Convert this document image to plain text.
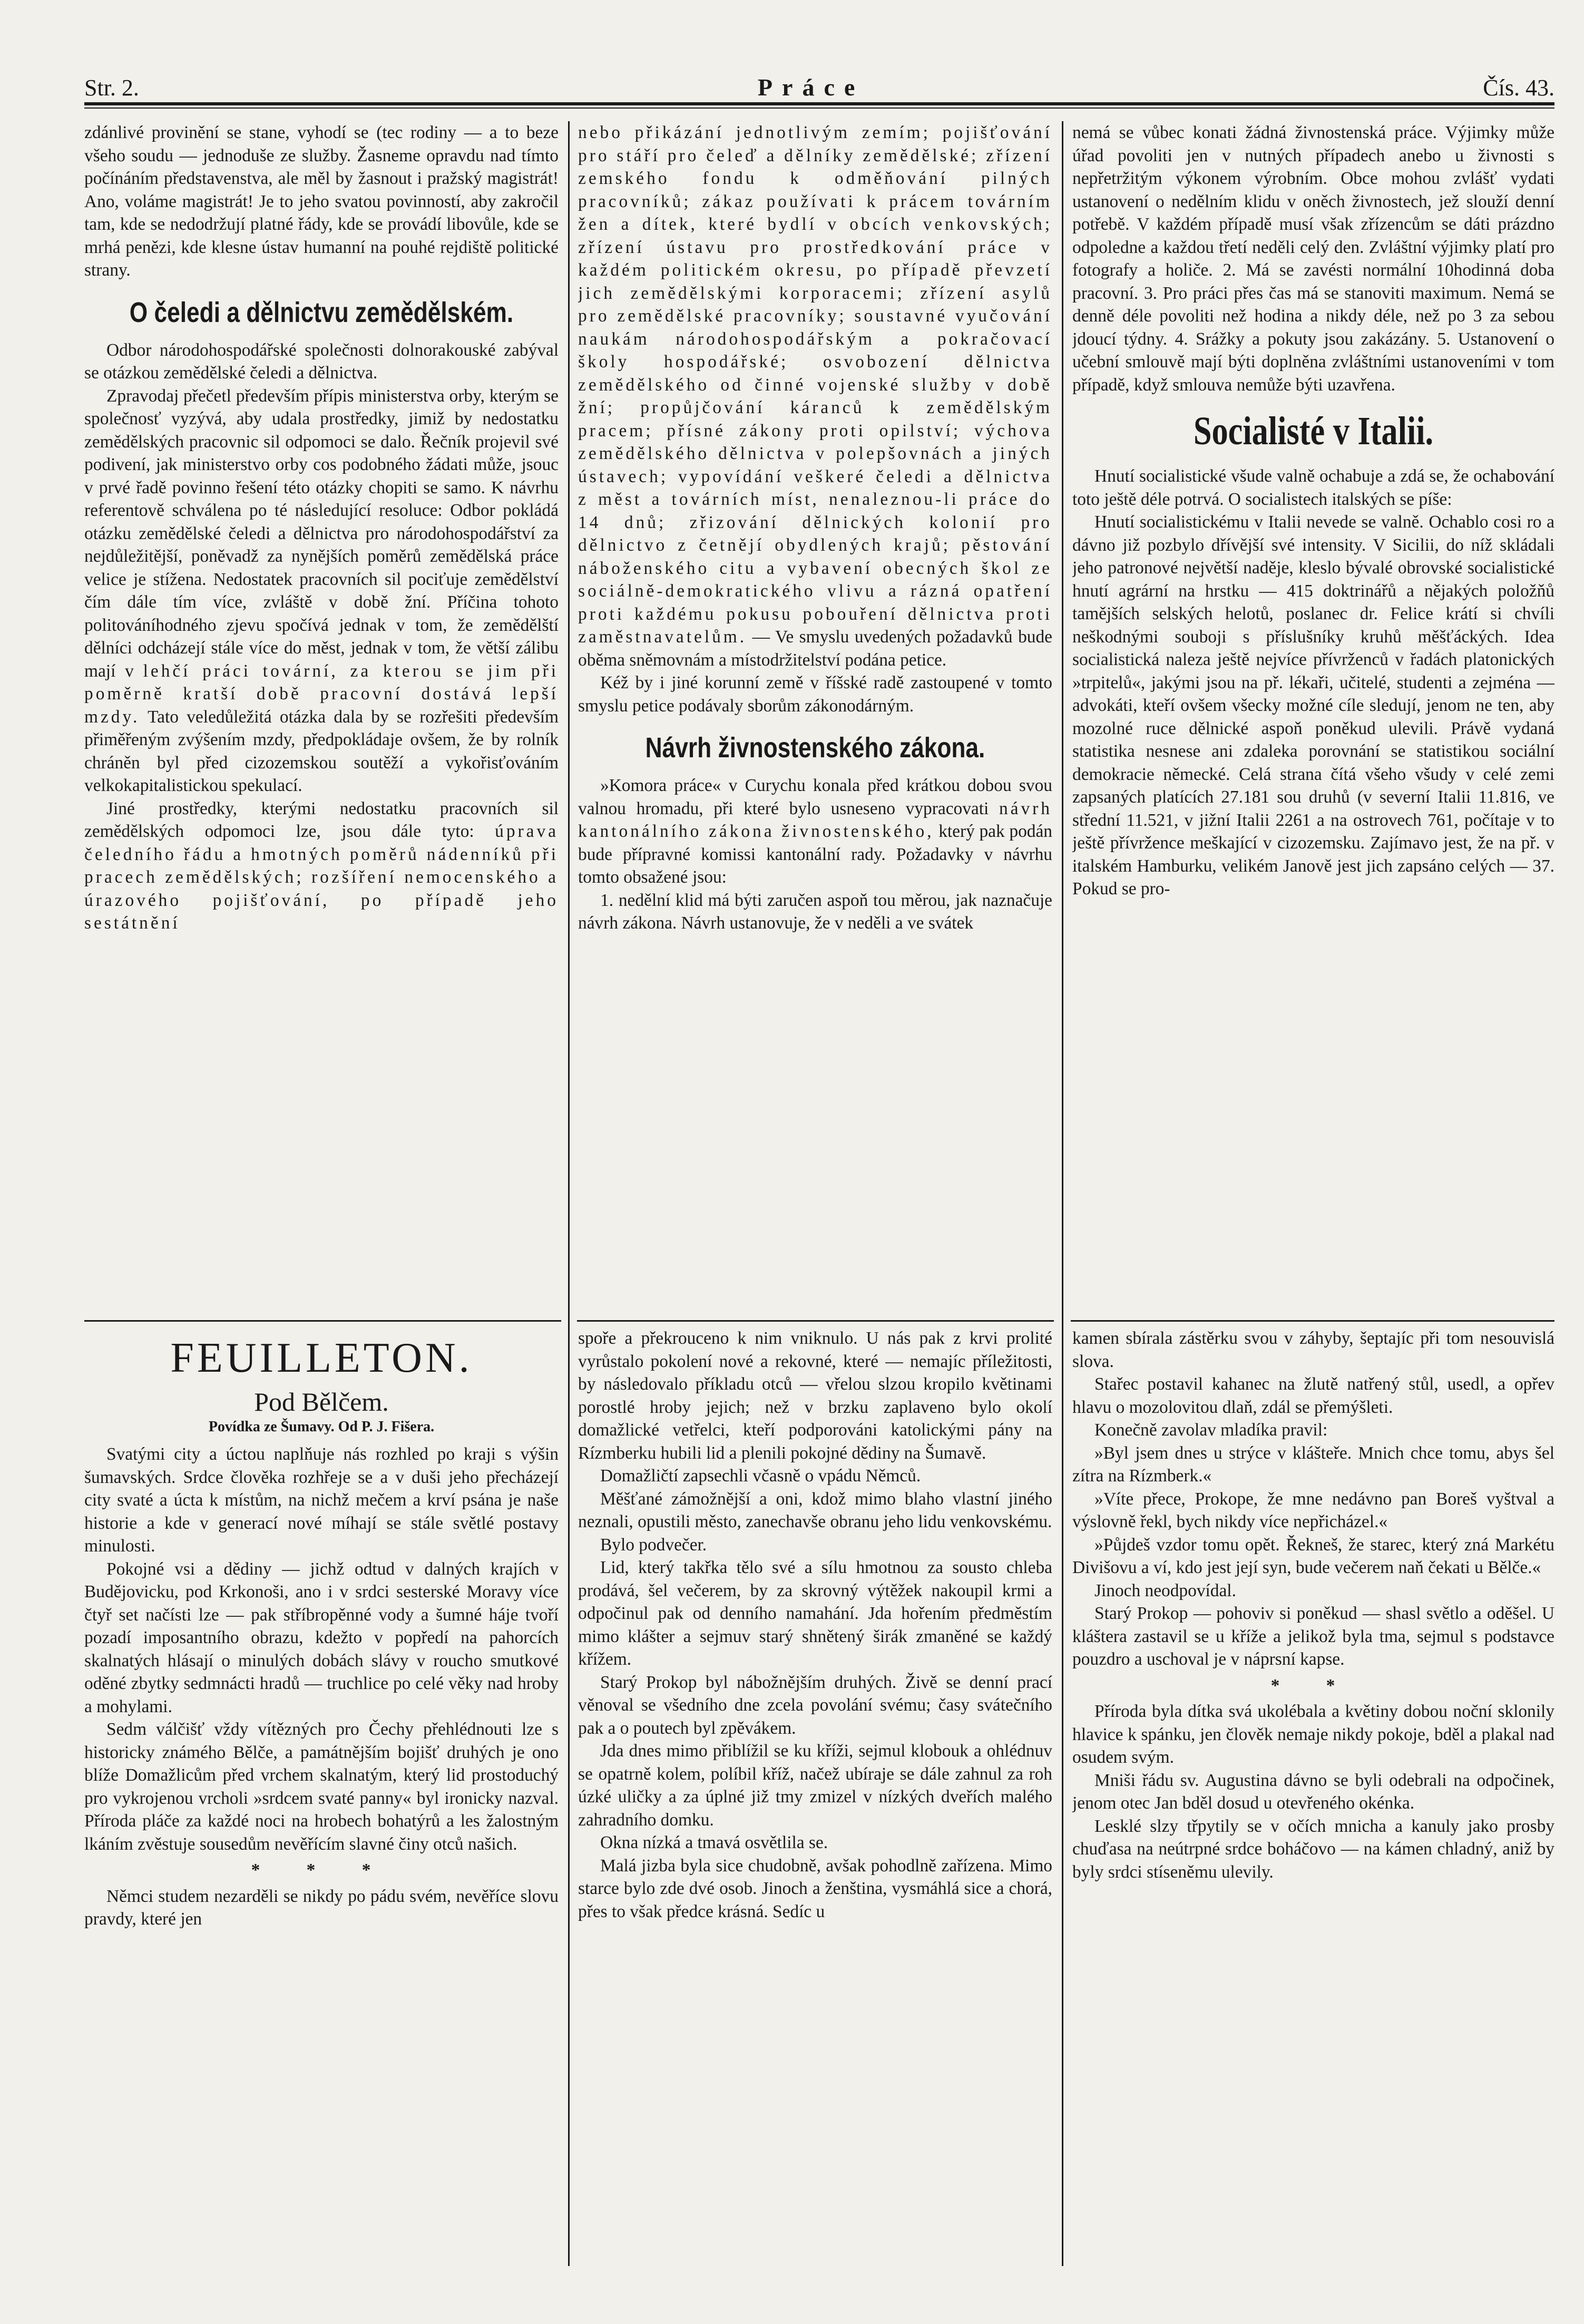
Str. 2.	Práce	Čís. 43.

zdánlivé provinění se stane, vyhodí se (tec rodiny — a to beze všeho soudu — jednoduše ze služby. Žasneme opravdu nad tímto počínáním představenstva, ale měl by žasnout i pražský magistrát! Ano, voláme magistrát! Je to jeho svatou povinností, aby zakročil tam, kde se nedodržují platné řády, kde se provádí libovůle, kde se mrhá penězi, kde klesne ústav humanní na pouhé rejdiště politické strany.

O čeledi a dělnictvu zemědělském.

Odbor národohospodářské společnosti dolnorakouské zabýval se otázkou zemědělské čeledi a dělnictva.

Zpravodaj přečetl především přípis ministerstva orby, kterým se společnosť vyzývá, aby udala prostředky, jimiž by nedostatku zemědělských pracovnic sil odpomoci se dalo. Řečník projevil své podivení, jak ministerstvo orby cos podobného žádati může, jsouc v prvé řadě povinno řešení této otázky chopiti se samo. K návrhu referentově schválena po té následující resoluce: Odbor pokládá otázku zemědělské čeledi a dělnictva pro národohospodářství za nejdůležitější, poněvadž za nynějších poměrů zemědělská práce velice je stížena. Nedostatek pracovních sil pociťuje zemědělství čím dále tím více, zvláště v době žní. Příčina tohoto politováníhodného zjevu spočívá jednak v tom, že zemědělští dělníci odcházejí stále více do měst, jednak v tom, že větší zálibu mají v lehčí práci tovární, za kterou se jim při poměrně kratší době pracovní dostává lepší mzdy. Tato veledůležitá otázka dala by se rozřešiti především přiměřeným zvýšením mzdy, předpokládaje ovšem, že by rolník chráněn byl před cizozemskou soutěží a vykořisťováním velkokapitalistickou spekulací.

Jiné prostředky, kterými nedostatku pracovních sil zemědělských odpomoci lze, jsou dále tyto: úprava čeledního řádu a hmotných poměrů nádenníků při pracech zemědělských; rozšíření nemocenského a úrazového pojišťování, po případě jeho sestátnění

FEUILLETON.
Pod Bělčem.
Povídka ze Šumavy. Od P. J. Fišera.

Svatými city a úctou naplňuje nás rozhled po kraji s výšin šumavských. Srdce člověka rozhřeje se a v duši jeho přecházejí city svaté a úcta k místům, na nichž mečem a krví psána je naše historie a kde v generací nové míhají se stále světlé postavy minulosti.

Pokojné vsi a dědiny — jichž odtud v dalných krajích v Budějovicku, pod Krkonoši, ano i v srdci sesterské Moravy více čtyř set načísti lze — pak stříbropěnné vody a šumné háje tvoří pozadí imposantního obrazu, kdežto v popředí na pahorcích skalnatých hlásají o minulých dobách slávy v roucho smutkové oděné zbytky sedmnácti hradů — truchlice po celé věky nad hroby a mohylami.

Sedm válčišť vždy vítězných pro Čechy přehlédnouti lze s historicky známého Bělče, a památnějším bojišť druhých je ono blíže Domažlicům před vrchem skalnatým, který lid prostoduchý pro vykrojenou vrcholi »srdcem svaté panny« byl ironicky nazval. Příroda pláče za každé noci na hrobech bohatýrů a les žalostným lkáním zvěstuje sousedům nevěřícím slavné činy otců našich.

* * *

Němci studem nezarděli se nikdy po pádu svém, nevěříce slovu pravdy, které jen

nebo přikázání jednotlivým zemím; pojišťování pro stáří pro čeleď a dělníky zemědělské; zřízení zemského fondu k odměňování pilných pracovníků; zákaz používati k prácem továrním žen a dítek, které bydlí v obcích venkovských; zřízení ústavu pro prostředkování práce v každém politickém okresu, po případě převzetí jich zemědělskými korporacemi; zřízení asylů pro zemědělské pracovníky; soustavné vyučování naukám národohospodářským a pokračovací školy hospodářské; osvobození dělnictva zemědělského od činné vojenské služby v době žní; propůjčování káranců k zemědělským pracem; přísné zákony proti opilství; výchova zemědělského dělnictva v polepšovnách a jiných ústavech; vypovídání veškeré čeledi a dělnictva z měst a továrních míst, nenaleznou-li práce do 14 dnů; zřizování dělnických kolonií pro dělnictvo z četnějí obydlených krajů; pěstování náboženského citu a vybavení obecných škol ze sociálně-demokratického vlivu a rázná opatření proti každému pokusu pobouření dělnictva proti zaměstnavatelům. — Ve smyslu uvedených požadavků bude oběma sněmovnám a místodržitelství podána petice.

Kéž by i jiné korunní země v říšské radě zastoupené v tomto smyslu petice podávaly sborům zákonodárným.

Návrh živnostenského zákona.

»Komora práce« v Curychu konala před krátkou dobou svou valnou hromadu, při které bylo usneseno vypracovati návrh kantonálního zákona živnostenského, který pak podán bude přípravné komissi kantonální rady. Požadavky v návrhu tomto obsažené jsou:

1. nedělní klid má býti zaručen aspoň tou měrou, jak naznačuje návrh zákona. Návrh ustanovuje, že v neděli a ve svátek

spoře a překrouceno k nim vniknulo. U nás pak z krvi prolité vyrůstalo pokolení nové a rekovné, které — nemajíc příležitosti, by následovalo příkladu otců — vřelou slzou kropilo květinami porostlé hroby jejich; než v brzku zaplaveno bylo okolí domažlické vetřelci, kteří podporováni katolickými pány na Rízmberku hubili lid a plenili pokojné dědiny na Šumavě.

Domažličtí zapsechli včasně o vpádu Němců.

Měšťané zámožnější a oni, kdož mimo blaho vlastní jiného neznali, opustili město, zanechavše obranu jeho lidu venkovskému.

Bylo podvečer.

Lid, který takřka tělo své a sílu hmotnou za sousto chleba prodává, šel večerem, by za skrovný výtěžek nakoupil krmi a odpočinul pak od denního namahání. Jda hořením předměstím mimo klášter a sejmuv starý shnětený širák zmaněné se každý křížem.

Starý Prokop byl nábožnějším druhých. Živě se denní prací věnoval se všedního dne zcela povolání svému; časy svátečního pak a o poutech byl zpěvákem.

Jda dnes mimo přiblížil se ku kříži, sejmul klobouk a ohlédnuv se opatrně kolem, políbil kříž, načež ubíraje se dále zahnul za roh úzké uličky a za úplné již tmy zmizel v nízkých dveřích malého zahradního domku.

Okna nízká a tmavá osvětlila se.

Malá jizba byla sice chudobně, avšak pohodlně zařízena. Mimo starce bylo zde dvé osob. Jinoch a ženština, vysmáhlá sice a chorá, přes to však předce krásná. Sedíc u

nemá se vůbec konati žádná živnostenská práce. Výjimky může úřad povoliti jen v nutných případech anebo u živnosti s nepřetržitým výkonem výrobním. Obce mohou zvlášť vydati ustanovení o nedělním klidu v oněch živnostech, jež slouží denní potřebě. V každém případě musí však zřízencům se dáti prázdno odpoledne a každou třetí neděli celý den. Zvláštní výjimky platí pro fotografy a holiče. 2. Má se zavésti normální 10hodinná doba pracovní. 3. Pro práci přes čas má se stanoviti maximum. Nemá se denně déle povoliti než hodina a nikdy déle, než po 3 za sebou jdoucí týdny. 4. Srážky a pokuty jsou zakázány. 5. Ustanovení o učební smlouvě mají býti doplněna zvláštními ustanoveními v tom případě, když smlouva nemůže býti uzavřena.

Socialisté v Italii.

Hnutí socialistické všude valně ochabuje a zdá se, že ochabování toto ještě déle potrvá. O socialistech italských se píše:

Hnutí socialistickému v Italii nevede se valně. Ochablo cosi ro a dávno již pozbylo dřívější své intensity. V Sicilii, do níž skládali jeho patronové největší naděje, kleslo bývalé obrovské socialistické hnutí agrární na hrstku — 415 doktrinářů a nějakých položňů tamějších selských helotů, poslanec dr. Felice krátí si chvíli neškodnými souboji s příslušníky kruhů měšťáckých. Idea socialistická naleza ještě nejvíce přívrženců v řadách platonických »trpitelů«, jakými jsou na př. lékaři, učitelé, studenti a zejména — advokáti, kteří ovšem všecky možné cíle sledují, jenom ne ten, aby mozolné ruce dělnické aspoň poněkud ulevili. Právě vydaná statistika nesnese ani zdaleka porovnání se statistikou sociální demokracie německé. Celá strana čítá všeho všudy v celé zemi zapsaných platících 27.181 sou druhů (v severní Italii 11.816, ve střední 11.521, v jižní Italii 2261 a na ostrovech 761, počítaje v to ještě přívržence meškající v cizozemsku. Zajímavo jest, že na př. v italském Hamburku, velikém Janově jest jich zapsáno celých — 37. Pokud se pro-

kamen sbírala zástěrku svou v záhyby, šeptajíc při tom nesouvislá slova.

Stařec postavil kahanec na žlutě natřený stůl, usedl, a opřev hlavu o mozolovitou dlaň, zdál se přemýšleti.

Konečně zavolav mladíka pravil:

»Byl jsem dnes u strýce v klášteře. Mnich chce tomu, abys šel zítra na Rízmberk.«

»Víte přece, Prokope, že mne nedávno pan Boreš vyštval a výslovně řekl, bych nikdy více nepřicházel.«

»Půjdeš vzdor tomu opět. Řekneš, že starec, který zná Markétu Divišovu a ví, kdo jest její syn, bude večerem naň čekati u Bělče.«

Jinoch neodpovídal.

Starý Prokop — pohoviv si poněkud — shasl světlo a oděšel. U kláštera zastavil se u kříže a jelikož byla tma, sejmul s podstavce pouzdro a uschoval je v náprsní kapse.

* *

Příroda byla dítka svá ukolébala a květiny dobou noční sklonily hlavice k spánku, jen člověk nemaje nikdy pokoje, bděl a plakal nad osudem svým.

Mniši řádu sv. Augustina dávno se byli odebrali na odpočinek, jenom otec Jan bděl dosud u otevřeného okénka.

Lesklé slzy třpytily se v očích mnicha a kanuly jako prosby chuďasa na neútrpné srdce boháčovo — na kámen chladný, aniž by byly srdci stíseněmu ulevily.
